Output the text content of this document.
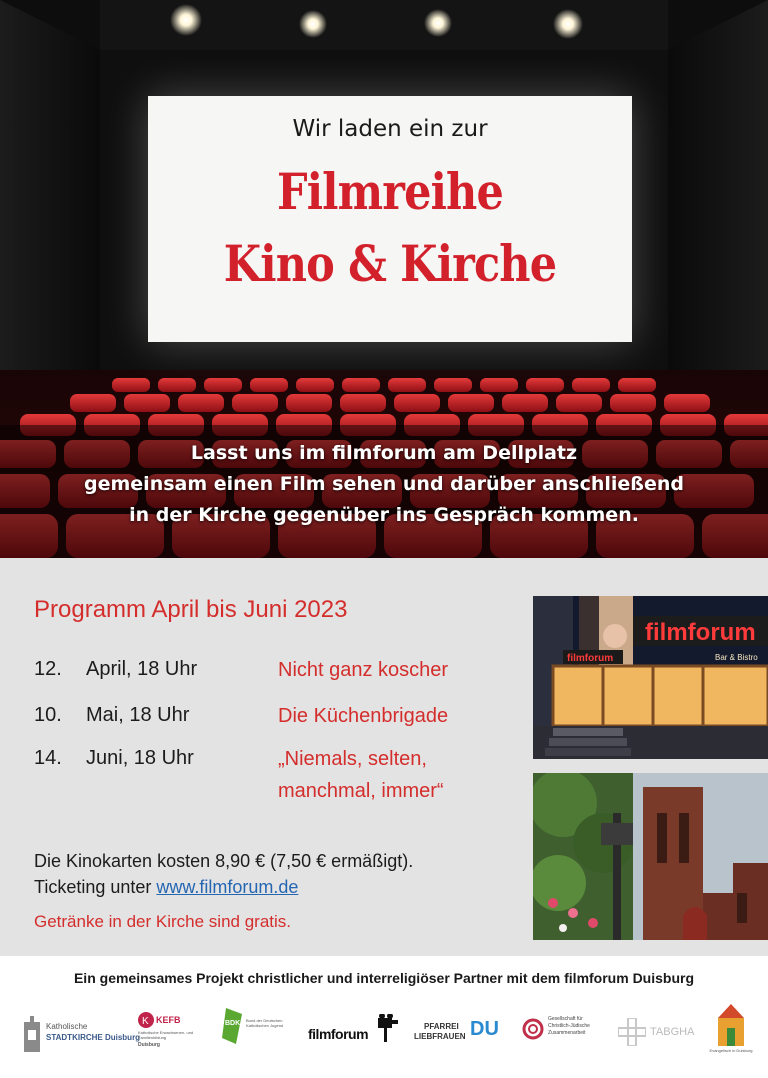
Wir laden ein zur
Filmreihe
Kino & Kirche
Lasst uns im filmforum am Dellplatz
gemeinsam einen Film sehen und darüber anschließend
in der Kirche gegenüber ins Gespräch kommen.
Programm April bis Juni 2023
12. April, 18 Uhr	Nicht ganz koscher
10. Mai, 18 Uhr	Die Küchenbrigade
14. Juni, 18 Uhr	„Niemals, selten,
manchmal, immer“
Die Kinokarten kosten 8,90 € (7,50 € ermäßigt).
Ticketing unter www.filmforum.de
Getränke in der Kirche sind gratis.
filmforum
filmforum	Bar & Bistro
Ein gemeinsames Projekt christlicher und interreligiöser Partner mit dem filmforum Duisburg
Katholische
STADTKIRCHE Duisburg
K KEFB
Katholische Erwachsenen- und Familienbildung
Duisburg
BDKJ Bund der Deutschen Katholischen Jugend
filmforum	PFARREI
LIEBFRAUEN DU	Gesellschaft für
Christlich-Jüdische
Zusammenarbeit	TABGHA
Evangelisch in Duisburg
